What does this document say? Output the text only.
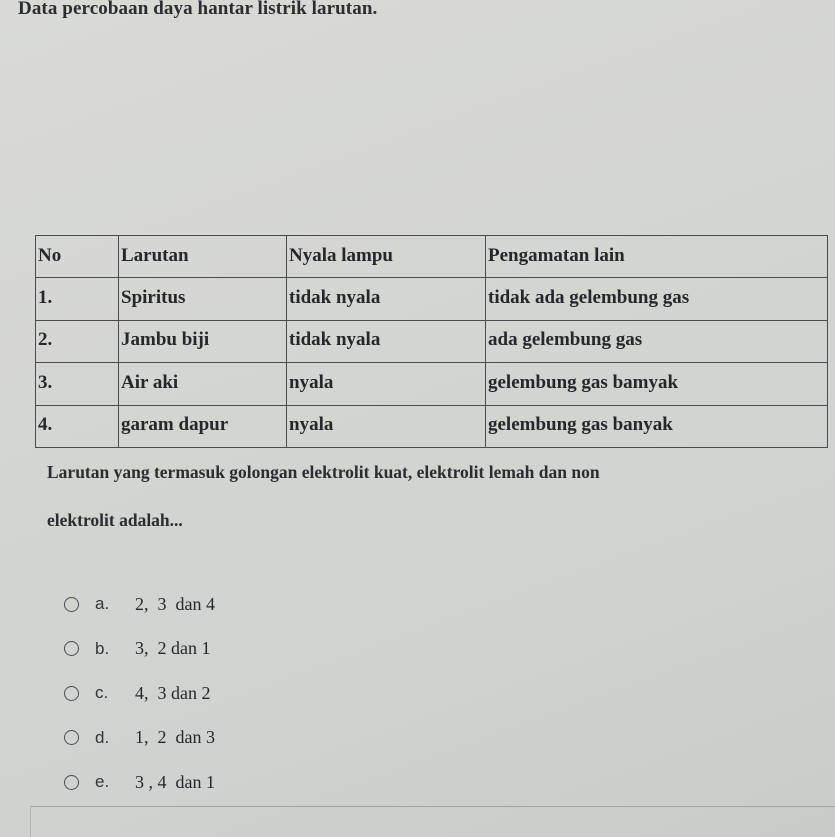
Data percobaan daya hantar listrik larutan.

No	Larutan	Nyala lampu	Pengamatan lain
1.	Spiritus	tidak nyala	tidak ada gelembung gas
2.	Jambu biji	tidak nyala	ada gelembung gas
3.	Air aki	nyala	gelembung gas bamyak
4.	garam dapur	nyala	gelembung gas banyak

Larutan yang termasuk golongan elektrolit kuat, elektrolit lemah dan non

elektrolit adalah...

a.	2,  3  dan 4
b.	3,  2 dan 1
c.	4,  3 dan 2
d.	1,  2  dan 3
e.	3 , 4  dan 1
